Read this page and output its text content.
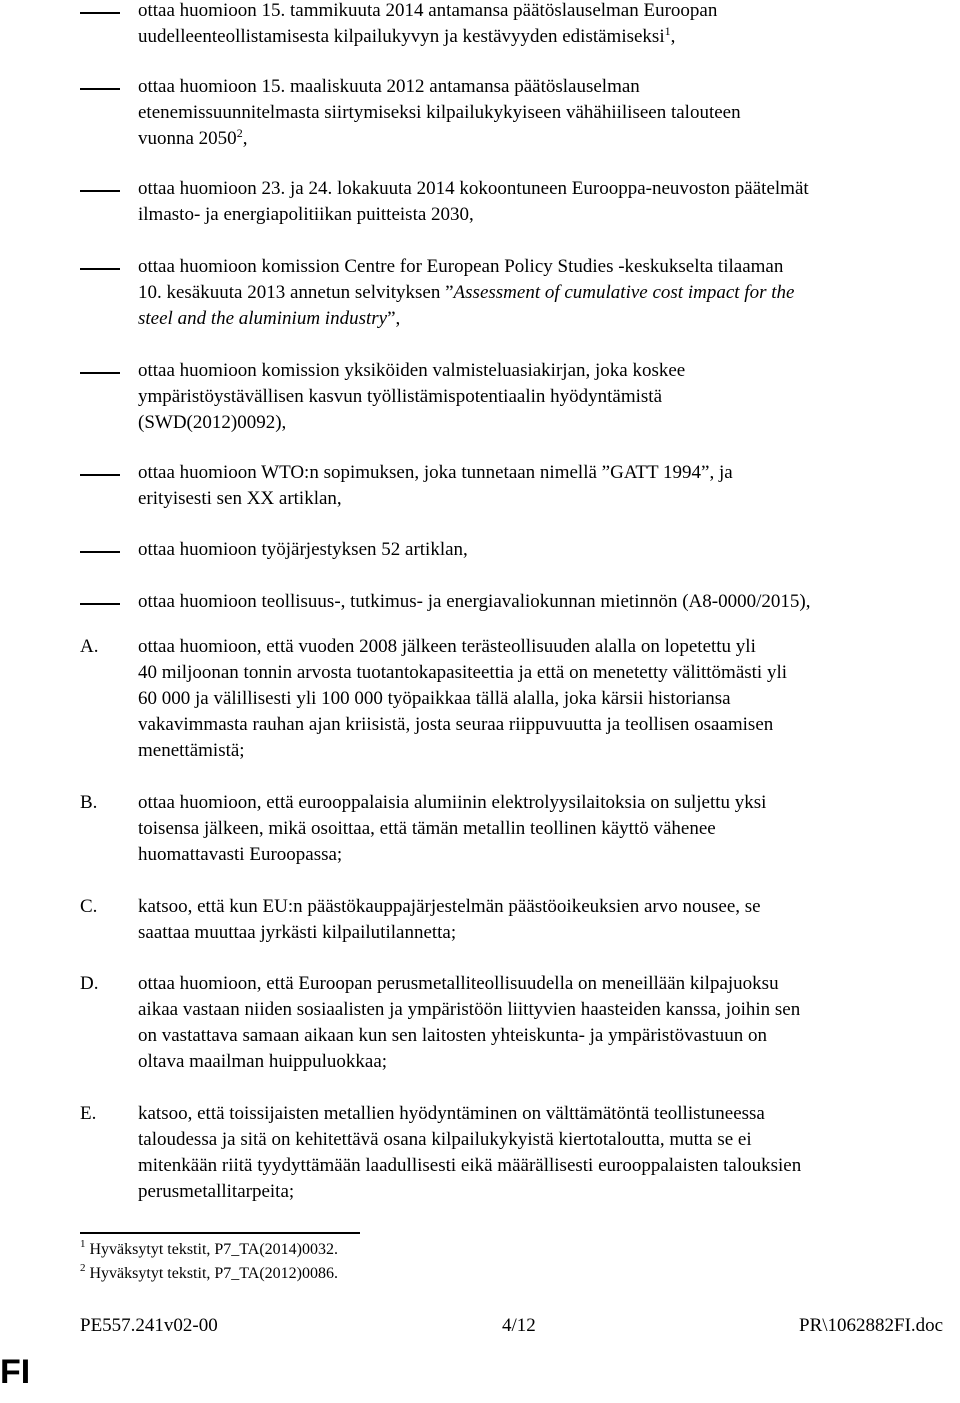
ottaa huomioon 15. tammikuuta 2014 antamansa päätöslauselman Euroopan
uudelleenteollistamisesta kilpailukyvyn ja kestävyyden edistämiseksi$^1$,
ottaa huomioon 15. maaliskuuta 2012 antamansa päätöslauselman
etenemissuunnitelmasta siirtymiseksi kilpailukykyiseen vähähiiliseen talouteen
vuonna 2050$^2$,
ottaa huomioon 23. ja 24. lokakuuta 2014 kokoontuneen Eurooppa-neuvoston päätelmät
ilmasto- ja energiapolitiikan puitteista 2030,
ottaa huomioon komission Centre for European Policy Studies -keskukselta tilaaman
10. kesäkuuta 2013 annetun selvityksen ”Assessment of cumulative cost impact for the
steel and the aluminium industry”,
ottaa huomioon komission yksiköiden valmisteluasiakirjan, joka koskee
ympäristöystävällisen kasvun työllistämispotentiaalin hyödyntämistä
(SWD(2012)0092),
ottaa huomioon WTO:n sopimuksen, joka tunnetaan nimellä ”GATT 1994”, ja
erityisesti sen XX artiklan,
ottaa huomioon työjärjestyksen 52 artiklan,
ottaa huomioon teollisuus-, tutkimus- ja energiavaliokunnan mietinnön (A8-0000/2015),
A. ottaa huomioon, että vuoden 2008 jälkeen terästeollisuuden alalla on lopetettu yli
40 miljoonan tonnin arvosta tuotantokapasiteettia ja että on menetetty välittömästi yli
60 000 ja välillisesti yli 100 000 työpaikkaa tällä alalla, joka kärsii historiansa
vakavimmasta rauhan ajan kriisistä, josta seuraa riippuvuutta ja teollisen osaamisen
menettämistä;
B. ottaa huomioon, että eurooppalaisia alumiinin elektrolyysilaitoksia on suljettu yksi
toisensa jälkeen, mikä osoittaa, että tämän metallin teollinen käyttö vähenee
huomattavasti Euroopassa;
C. katsoo, että kun EU:n päästökauppajärjestelmän päästöoikeuksien arvo nousee, se
saattaa muuttaa jyrkästi kilpailutilannetta;
D. ottaa huomioon, että Euroopan perusmetalliteollisuudella on meneillään kilpajuoksu
aikaa vastaan niiden sosiaalisten ja ympäristöön liittyvien haasteiden kanssa, joihin sen
on vastattava samaan aikaan kun sen laitosten yhteiskunta- ja ympäristövastuun on
oltava maailman huippuluokkaa;
E. katsoo, että toissijaisten metallien hyödyntäminen on välttämätöntä teollistuneessa
taloudessa ja sitä on kehitettävä osana kilpailukykyistä kiertotaloutta, mutta se ei
mitenkään riitä tyydyttämään laadullisesti eikä määrällisesti eurooppalaisten talouksien
perusmetallitarpeita;
$^1$ Hyväksytyt tekstit, P7_TA(2014)0032.
$^2$ Hyväksytyt tekstit, P7_TA(2012)0086.
PE557.241v02-00	4/12	PR\1062882FI.doc
FI
